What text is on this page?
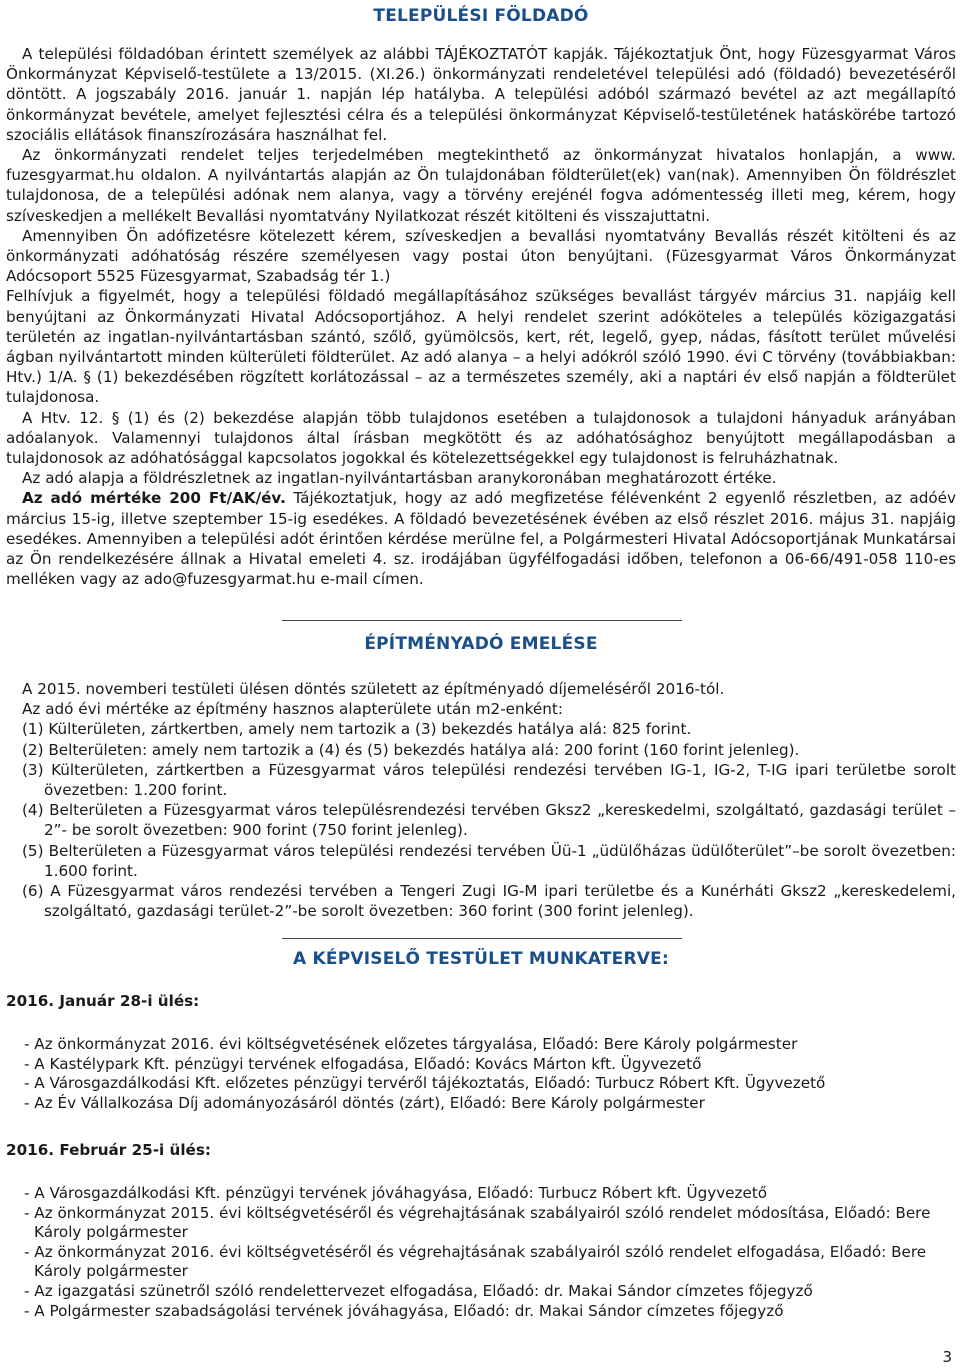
TELEPÜLÉSI FÖLDADÓ

A települési földadóban érintett személyek az alábbi TÁJÉKOZTATÓT kapják. Tájékoztatjuk Önt, hogy Füzesgyarmat Város Önkormányzat Képviselő-testülete a 13/2015. (XI.26.) önkormányzati rendeletével települési adó (földadó) bevezetéséről döntött. A jogszabály 2016. január 1. napján lép hatályba. A települési adóból származó bevétel az azt megállapító önkormányzat bevétele, amelyet fejlesztési célra és a települési önkormányzat Képviselő-testületének hatáskörébe tartozó szociális ellátások finanszírozására használhat fel.

Az önkormányzati rendelet teljes terjedelmében megtekinthető az önkormányzat hivatalos honlapján, a www. fuzesgyarmat.hu oldalon. A nyilvántartás alapján az Ön tulajdonában földterület(ek) van(nak). Amennyiben Ön földrészlet tulajdonosa, de a települési adónak nem alanya, vagy a törvény erejénél fogva adómentesség illeti meg, kérem, hogy szíveskedjen a mellékelt Bevallási nyomtatvány Nyilatkozat részét kitölteni és visszajuttatni.

Amennyiben Ön adófizetésre kötelezett kérem, szíveskedjen a bevallási nyomtatvány Bevallás részét kitölteni és az önkormányzati adóhatóság részére személyesen vagy postai úton benyújtani. (Füzesgyarmat Város Önkormányzat Adócsoport 5525 Füzesgyarmat, Szabadság tér 1.)

Felhívjuk a figyelmét, hogy a települési földadó megállapításához szükséges bevallást tárgyév március 31. napjáig kell benyújtani az Önkormányzati Hivatal Adócsoportjához. A helyi rendelet szerint adóköteles a település közigazgatási területén az ingatlan-nyilvántartásban szántó, szőlő, gyümölcsös, kert, rét, legelő, gyep, nádas, fásított terület művelési ágban nyilvántartott minden külterületi földterület. Az adó alanya – a helyi adókról szóló 1990. évi C törvény (továbbiakban: Htv.) 1/A. § (1) bekezdésében rögzített korlátozással – az a természetes személy, aki a naptári év első napján a földterület tulajdonosa.

A Htv. 12. § (1) és (2) bekezdése alapján több tulajdonos esetében a tulajdonosok a tulajdoni hányaduk arányában adóalanyok. Valamennyi tulajdonos által írásban megkötött és az adóhatósághoz benyújtott megállapodásban a tulajdonosok az adóhatósággal kapcsolatos jogokkal és kötelezettségekkel egy tulajdonost is felruházhatnak.

Az adó alapja a földrészletnek az ingatlan-nyilvántartásban aranykoronában meghatározott értéke.

Az adó mértéke 200 Ft/AK/év. Tájékoztatjuk, hogy az adó megfizetése félévenként 2 egyenlő részletben, az adóév március 15-ig, illetve szeptember 15-ig esedékes. A földadó bevezetésének évében az első részlet 2016. május 31. napjáig esedékes. Amennyiben a települési adót érintően kérdése merülne fel, a Polgármesteri Hivatal Adócsoportjának Munkatársai az Ön rendelkezésére állnak a Hivatal emeleti 4. sz. irodájában ügyfélfogadási időben, telefonon a 06-66/491-058 110-es melléken vagy az ado@fuzesgyarmat.hu e-mail címen.

ÉPÍTMÉNYADÓ EMELÉSE

A 2015. novemberi testületi ülésen döntés született az építményadó díjemeléséről 2016-tól.

Az adó évi mértéke az építmény hasznos alapterülete után m2-enként:

(1) Külterületen, zártkertben, amely nem tartozik a (3) bekezdés hatálya alá: 825 forint.

(2) Belterületen: amely nem tartozik a (4) és (5) bekezdés hatálya alá: 200 forint (160 forint jelenleg).

(3) Külterületen, zártkertben a Füzesgyarmat város települési rendezési tervében IG-1, IG-2, T-IG ipari területbe sorolt övezetben: 1.200 forint.

(4) Belterületen a Füzesgyarmat város településrendezési tervében Gksz2 „kereskedelmi, szolgáltató, gazdasági terület – 2”- be sorolt övezetben: 900 forint (750 forint jelenleg).

(5) Belterületen a Füzesgyarmat város települési rendezési tervében Üü-1 „üdülőházas üdülőterület”–be sorolt övezetben: 1.600 forint.

(6) A Füzesgyarmat város rendezési tervében a Tengeri Zugi IG-M ipari területbe és a Kunérháti Gksz2 „kereskedelemi, szolgáltató, gazdasági terület-2”-be sorolt övezetben: 360 forint (300 forint jelenleg).

A KÉPVISELŐ TESTÜLET MUNKATERVE:
2016. Január 28-i ülés:
- Az önkormányzat 2016. évi költségvetésének előzetes tárgyalása, Előadó: Bere Károly polgármester
- A Kastélypark Kft. pénzügyi tervének elfogadása, Előadó: Kovács Márton kft. Ügyvezető
- A Városgazdálkodási Kft. előzetes pénzügyi tervéről tájékoztatás, Előadó: Turbucz Róbert Kft. Ügyvezető
- Az Év Vállalkozása Díj adományozásáról döntés (zárt), Előadó: Bere Károly polgármester
2016. Február 25-i ülés:
- A Városgazdálkodási Kft. pénzügyi tervének jóváhagyása, Előadó: Turbucz Róbert kft. Ügyvezető
- Az önkormányzat 2015. évi költségvetéséről és végrehajtásának szabályairól szóló rendelet módosítása, Előadó: Bere Károly polgármester
- Az önkormányzat 2016. évi költségvetéséről és végrehajtásának szabályairól szóló rendelet elfogadása, Előadó: Bere Károly polgármester
- Az igazgatási szünetről szóló rendelettervezet elfogadása, Előadó: dr. Makai Sándor címzetes főjegyző
- A Polgármester szabadságolási tervének jóváhagyása, Előadó: dr. Makai Sándor címzetes főjegyző
3
